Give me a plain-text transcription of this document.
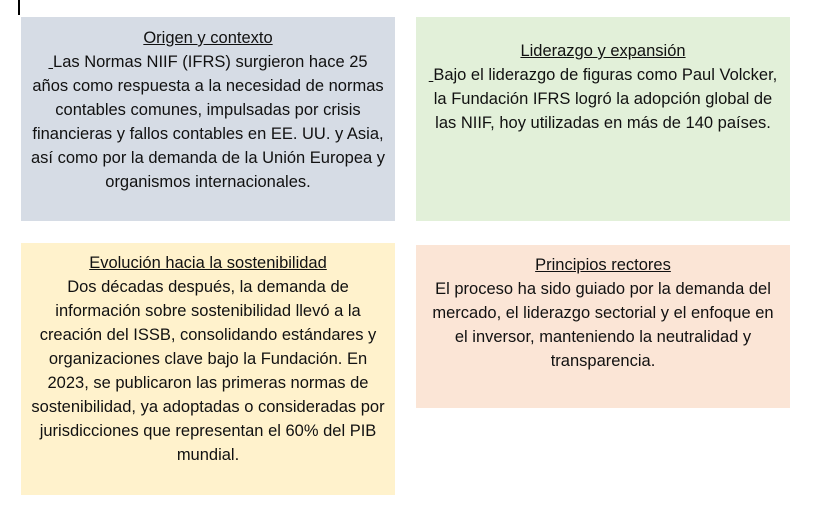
Origen y contexto
Las Normas NIIF (IFRS) surgieron hace 25 años como respuesta a la necesidad de normas contables comunes, impulsadas por crisis financieras y fallos contables en EE. UU. y Asia, así como por la demanda de la Unión Europea y organismos internacionales.
Liderazgo y expansión
Bajo el liderazgo de figuras como Paul Volcker, la Fundación IFRS logró la adopción global de las NIIF, hoy utilizadas en más de 140 países.
Evolución hacia la sostenibilidad
Dos décadas después, la demanda de información sobre sostenibilidad llevó a la creación del ISSB, consolidando estándares y organizaciones clave bajo la Fundación. En 2023, se publicaron las primeras normas de sostenibilidad, ya adoptadas o consideradas por jurisdicciones que representan el 60% del PIB mundial.
Principios rectores
El proceso ha sido guiado por la demanda del mercado, el liderazgo sectorial y el enfoque en el inversor, manteniendo la neutralidad y transparencia.
